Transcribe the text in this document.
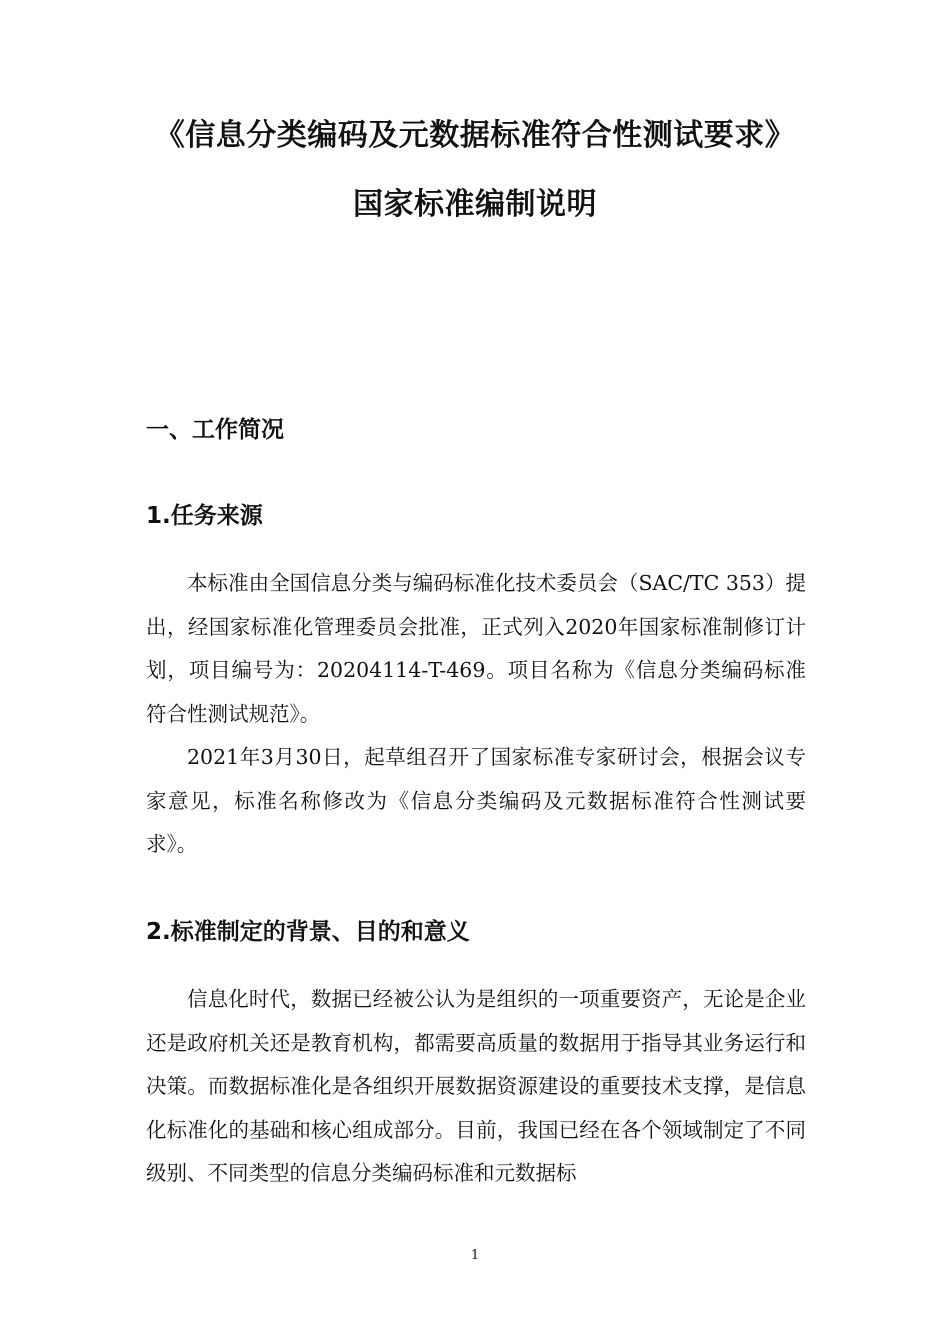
《信息分类编码及元数据标准符合性测试要求》
国家标准编制说明
一、工作简况
1.任务来源

本标准由全国信息分类与编码标准化技术委员会（SAC/TC 353）提出，经国家标准化管理委员会批准，正式列入2020年国家标准制修订计划，项目编号为：20204114-T-469。项目名称为《信息分类编码标准符合性测试规范》。

2021年3月30日，起草组召开了国家标准专家研讨会，根据会议专家意见，标准名称修改为《信息分类编码及元数据标准符合性测试要求》。

2.标准制定的背景、目的和意义

信息化时代，数据已经被公认为是组织的一项重要资产，无论是企业还是政府机关还是教育机构，都需要高质量的数据用于指导其业务运行和决策。而数据标准化是各组织开展数据资源建设的重要技术支撑，是信息化标准化的基础和核心组成部分。目前，我国已经在各个领域制定了不同级别、不同类型的信息分类编码标准和元数据标

1
